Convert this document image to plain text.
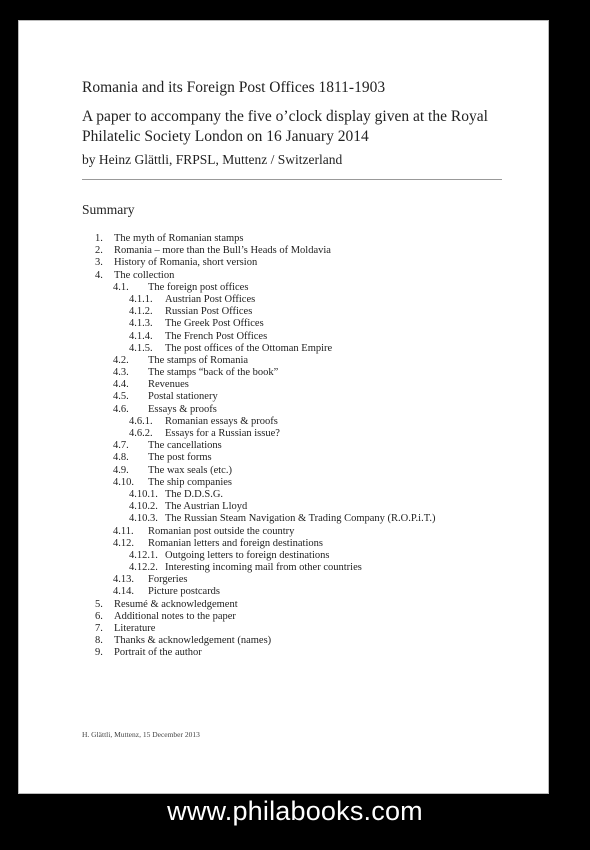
Romania and its Foreign Post Offices 1811-1903
A paper to accompany the five o’clock display given at the Royal Philatelic Society London on 16 January 2014
by Heinz Glättli, FRPSL, Muttenz / Switzerland
Summary
1. The myth of Romanian stamps
2. Romania – more than the Bull’s Heads of Moldavia
3. History of Romania, short version
4. The collection
4.1. The foreign post offices
4.1.1. Austrian Post Offices
4.1.2. Russian Post Offices
4.1.3. The Greek Post Offices
4.1.4. The French Post Offices
4.1.5. The post offices of the Ottoman Empire
4.2. The stamps of Romania
4.3. The stamps “back of the book”
4.4. Revenues
4.5. Postal stationery
4.6. Essays & proofs
4.6.1. Romanian essays & proofs
4.6.2. Essays for a Russian issue?
4.7. The cancellations
4.8. The post forms
4.9. The wax seals (etc.)
4.10. The ship companies
4.10.1. The D.D.S.G.
4.10.2. The Austrian Lloyd
4.10.3. The Russian Steam Navigation & Trading Company (R.O.P.i.T.)
4.11. Romanian post outside the country
4.12. Romanian letters and foreign destinations
4.12.1. Outgoing letters to foreign destinations
4.12.2. Interesting incoming mail from other countries
4.13. Forgeries
4.14. Picture postcards
5. Resumé & acknowledgement
6. Additional notes to the paper
7. Literature
8. Thanks & acknowledgement (names)
9. Portrait of the author
H. Glättli, Muttenz, 15 December 2013
www.philabooks.com
